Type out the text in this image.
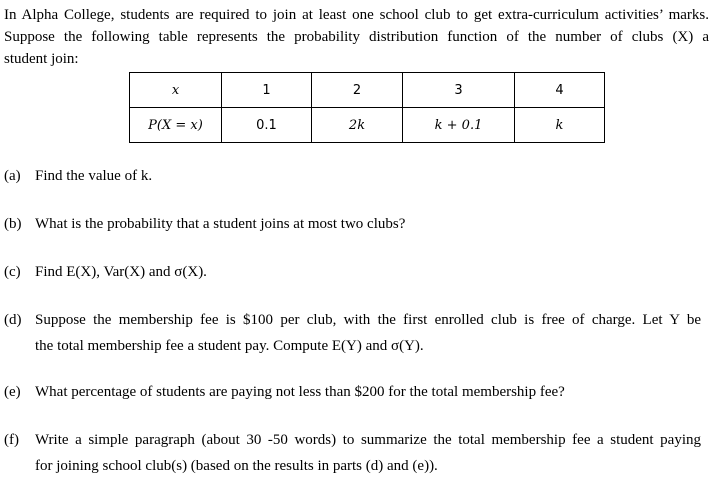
In Alpha College, students are required to join at least one school club to get extra-curriculum activities’ marks.
Suppose the following table represents the probability distribution function of the number of clubs (X) a
student join:
x	1	2	3	4
P(X = x)	0.1	2k	k + 0.1	k
(a) Find the value of k.
(b) What is the probability that a student joins at most two clubs?
(c) Find E(X), Var(X) and σ(X).
(d) Suppose the membership fee is $100 per club, with the first enrolled club is free of charge. Let Y be
the total membership fee a student pay. Compute E(Y) and σ(Y).
(e) What percentage of students are paying not less than $200 for the total membership fee?
(f) Write a simple paragraph (about 30 -50 words) to summarize the total membership fee a student paying
for joining school club(s) (based on the results in parts (d) and (e)).
